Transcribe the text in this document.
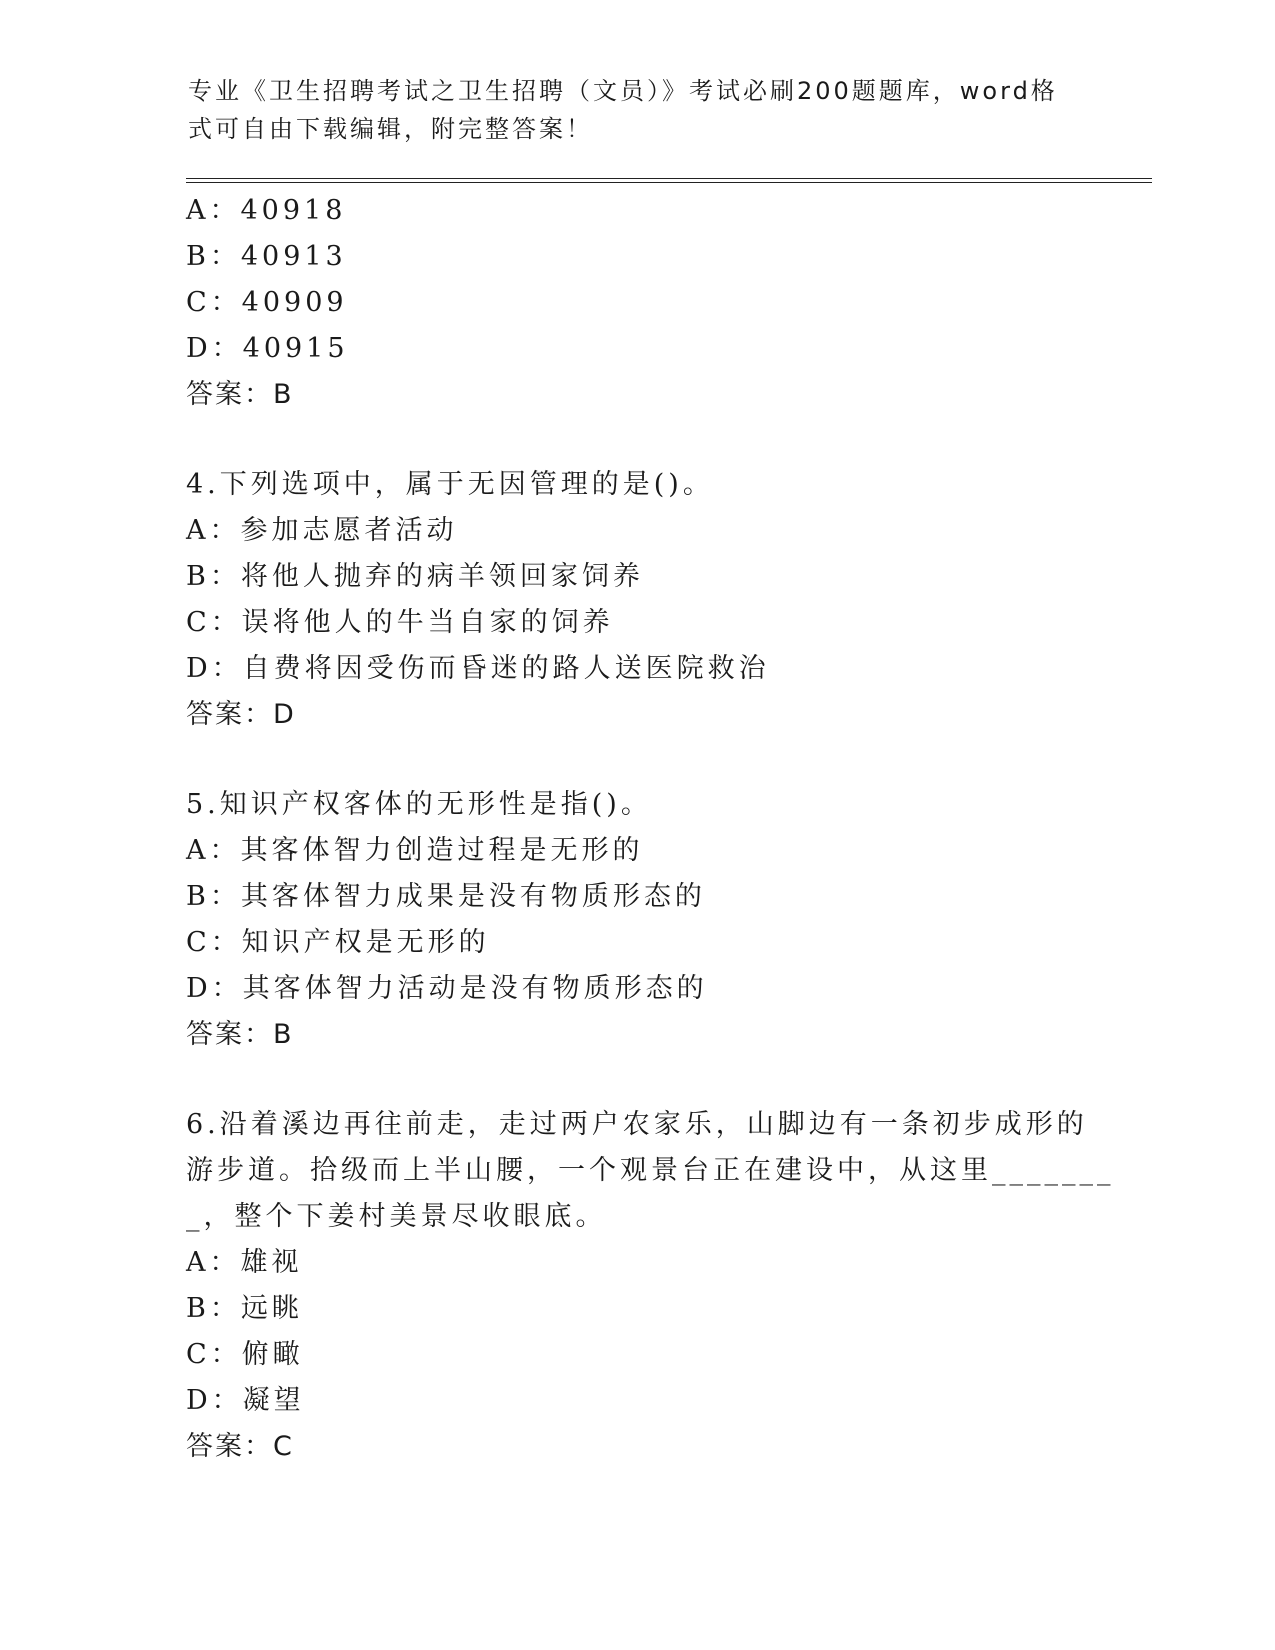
专业《卫生招聘考试之卫生招聘（文员）》考试必刷200题题库，word格式可自由下载编辑，附完整答案！

A：40918

B：40913

C：40909

D：40915

答案：B

4.下列选项中，属于无因管理的是()。

A：参加志愿者活动

B：将他人抛弃的病羊领回家饲养

C：误将他人的牛当自家的饲养

D：自费将因受伤而昏迷的路人送医院救治

答案：D

5.知识产权客体的无形性是指()。

A：其客体智力创造过程是无形的

B：其客体智力成果是没有物质形态的

C：知识产权是无形的

D：其客体智力活动是没有物质形态的

答案：B

6.沿着溪边再往前走，走过两户农家乐，山脚边有一条初步成形的游步道。拾级而上半山腰，一个观景台正在建设中，从这里________，整个下姜村美景尽收眼底。

A：雄视

B：远眺

C：俯瞰

D：凝望

答案：C
